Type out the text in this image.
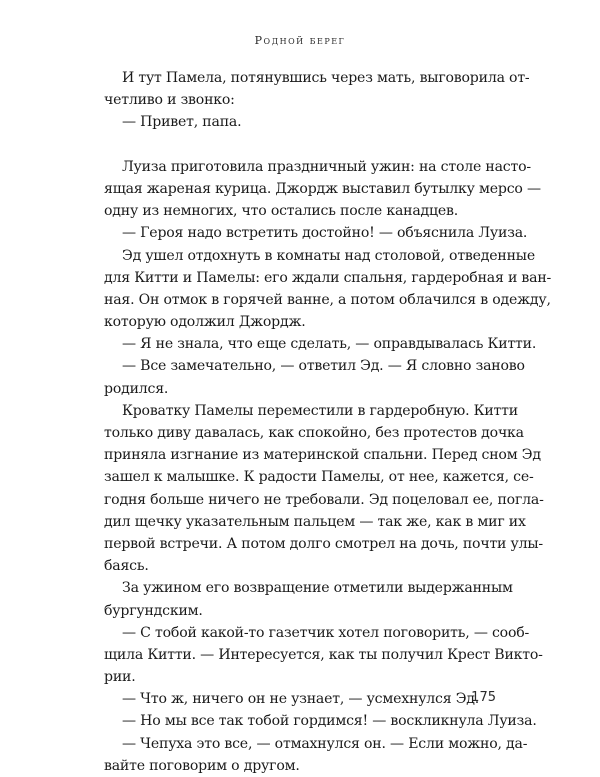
Родной берег
И тут Памела, потянувшись через мать, выговорила от-
четливо и звонко:
— Привет, папа.
Луиза приготовила праздничный ужин: на столе насто-
ящая жареная курица. Джордж выставил бутылку мерсо —
одну из немногих, что остались после канадцев.
— Героя надо встретить достойно! — объяснила Луиза.
Эд ушел отдохнуть в комнаты над столовой, отведенные
для Китти и Памелы: его ждали спальня, гардеробная и ван-
ная. Он отмок в горячей ванне, а потом облачился в одежду,
которую одолжил Джордж.
— Я не знала, что еще сделать, — оправдывалась Китти.
— Все замечательно, — ответил Эд. — Я словно заново
родился.
Кроватку Памелы переместили в гардеробную. Китти
только диву давалась, как спокойно, без протестов дочка
приняла изгнание из материнской спальни. Перед сном Эд
зашел к малышке. К радости Памелы, от нее, кажется, се-
годня больше ничего не требовали. Эд поцеловал ее, погла-
дил щечку указательным пальцем — так же, как в миг их
первой встречи. А потом долго смотрел на дочь, почти улы-
баясь.
За ужином его возвращение отметили выдержанным
бургундским.
— С тобой какой-то газетчик хотел поговорить, — сооб-
щила Китти. — Интересуется, как ты получил Крест Викто-
рии.
— Что ж, ничего он не узнает, — усмехнулся Эд.
— Но мы все так тобой гордимся! — воскликнула Луиза.
— Чепуха это все, — отмахнулся он. — Если можно, да-
вайте поговорим о другом.
175
